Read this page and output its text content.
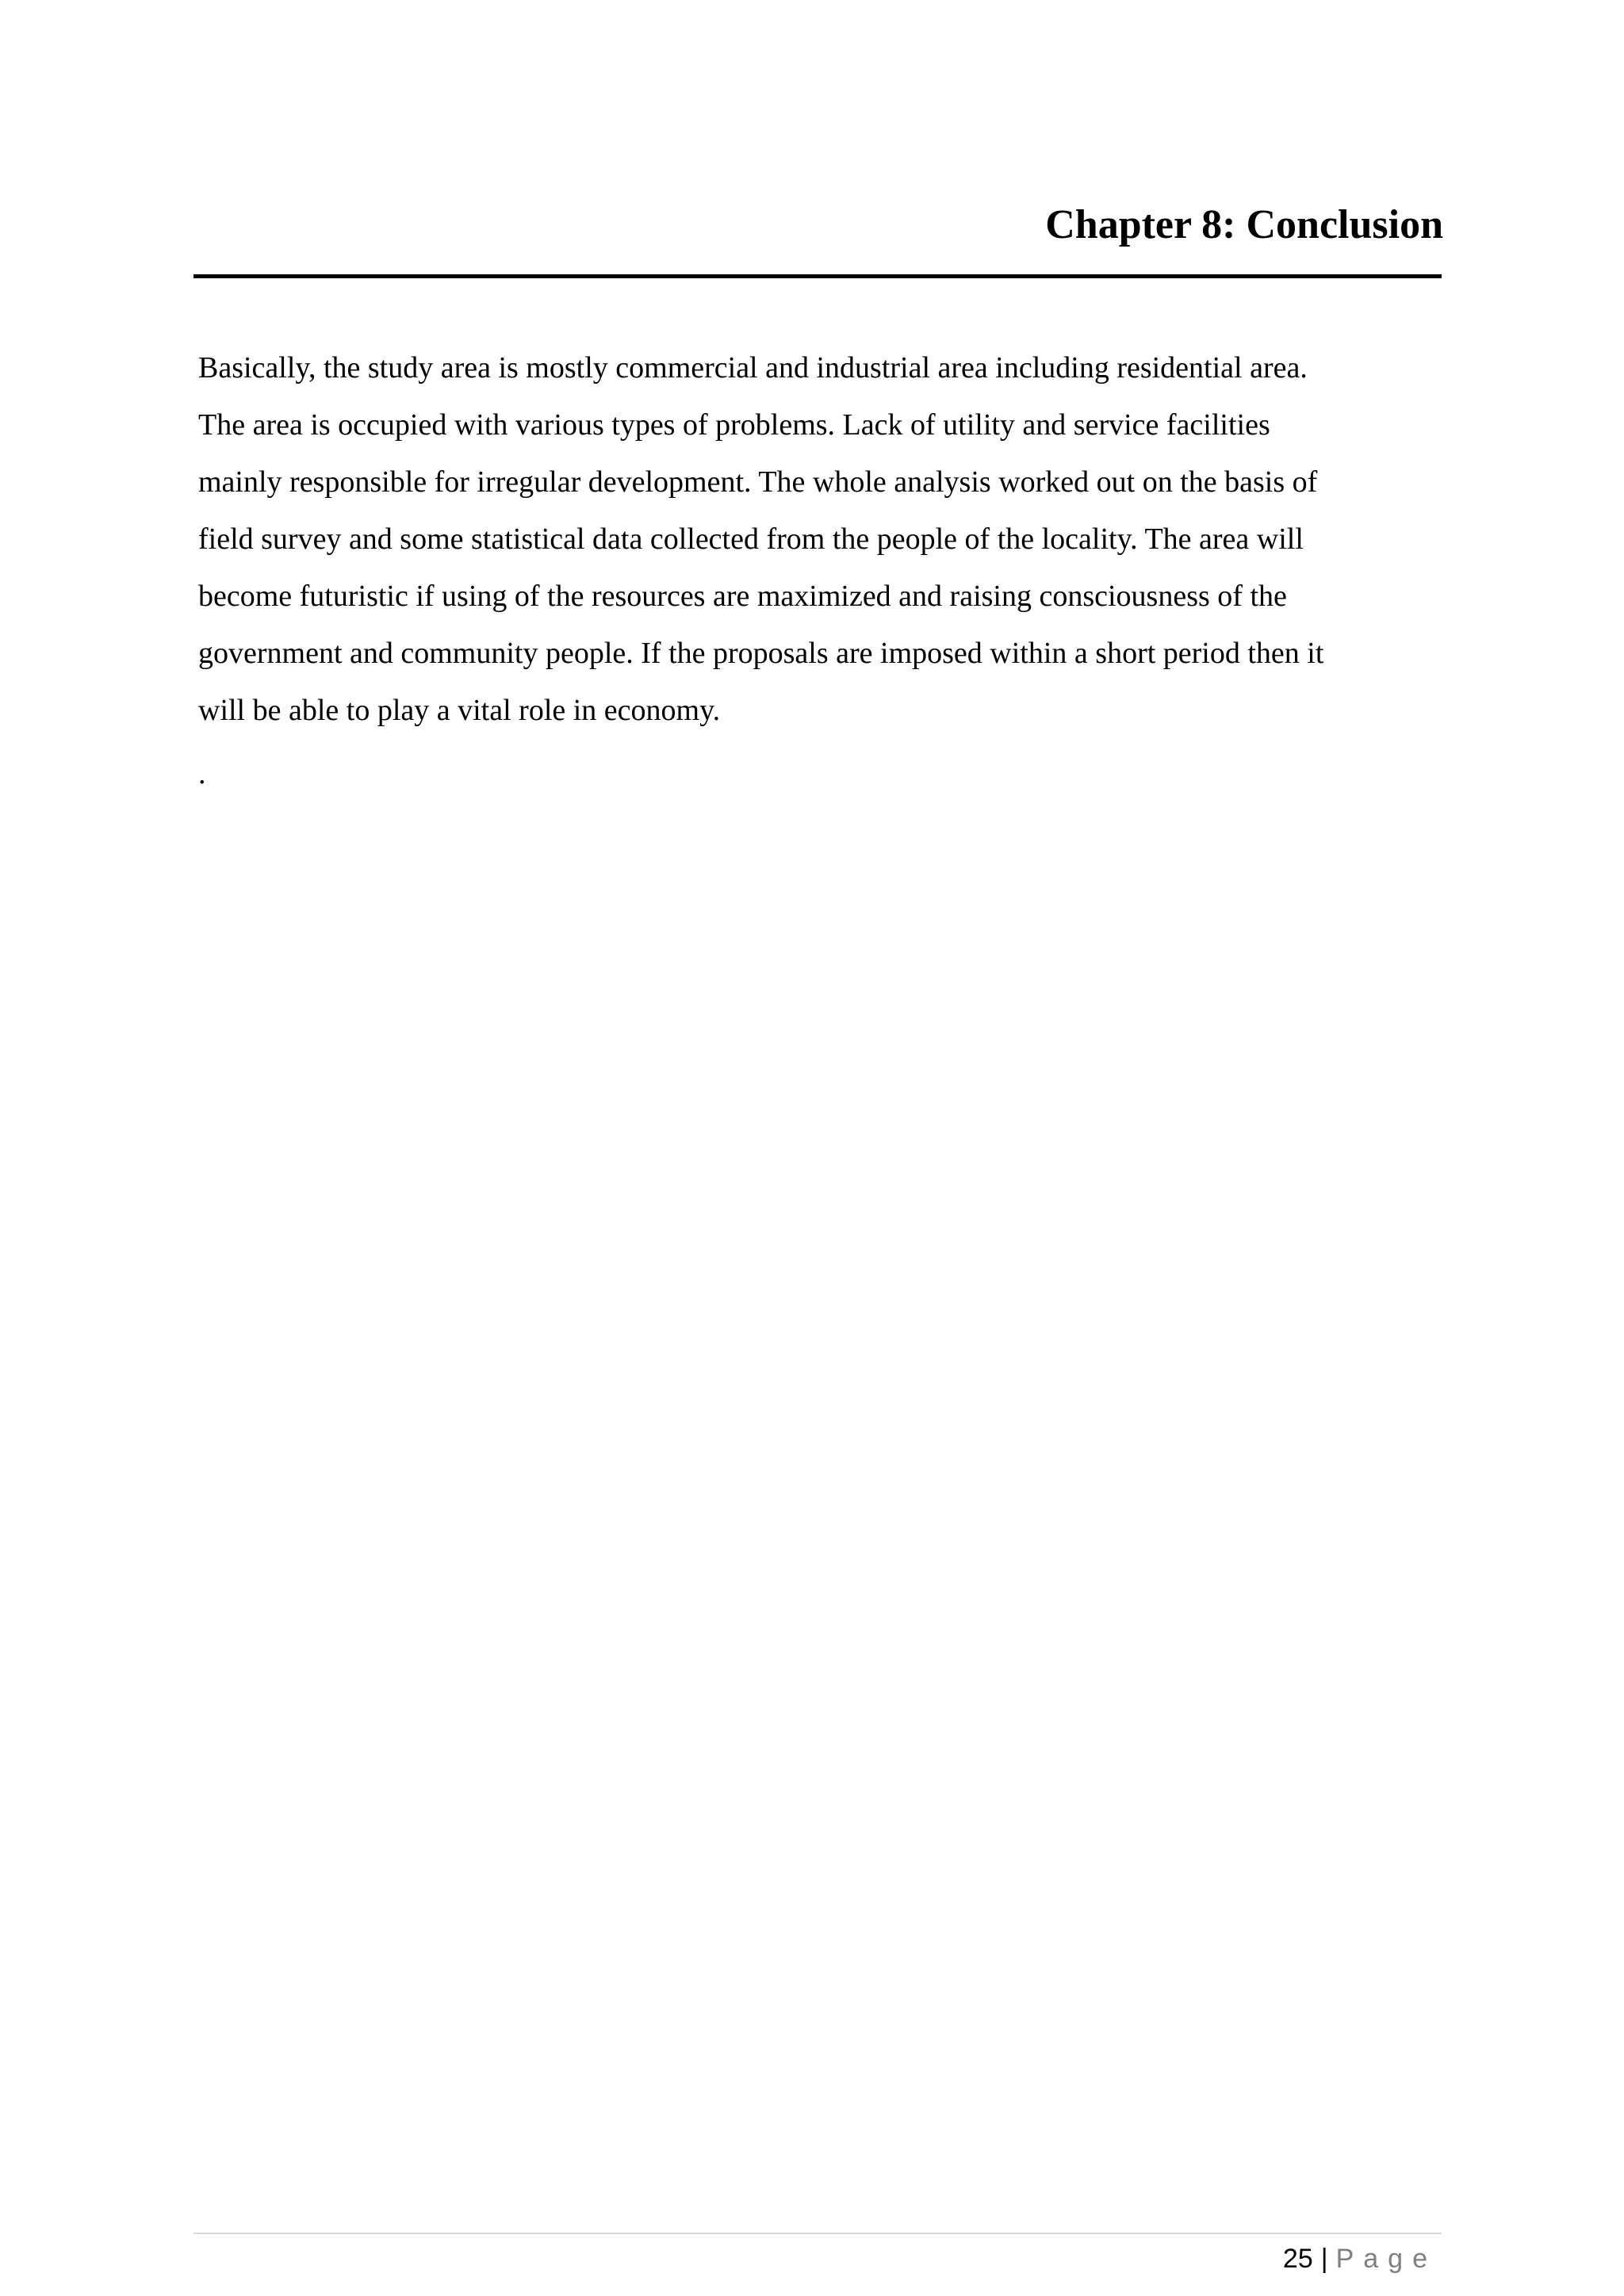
Chapter 8: Conclusion
Basically, the study area is mostly commercial and industrial area including residential area.
The area is occupied with various types of problems. Lack of utility and service facilities
mainly responsible for irregular development. The whole analysis worked out on the basis of
field survey and some statistical data collected from the people of the locality. The area will
become futuristic if using of the resources are maximized and raising consciousness of the
government and community people. If the proposals are imposed within a short period then it
will be able to play a vital role in economy.
.
25 | Page
